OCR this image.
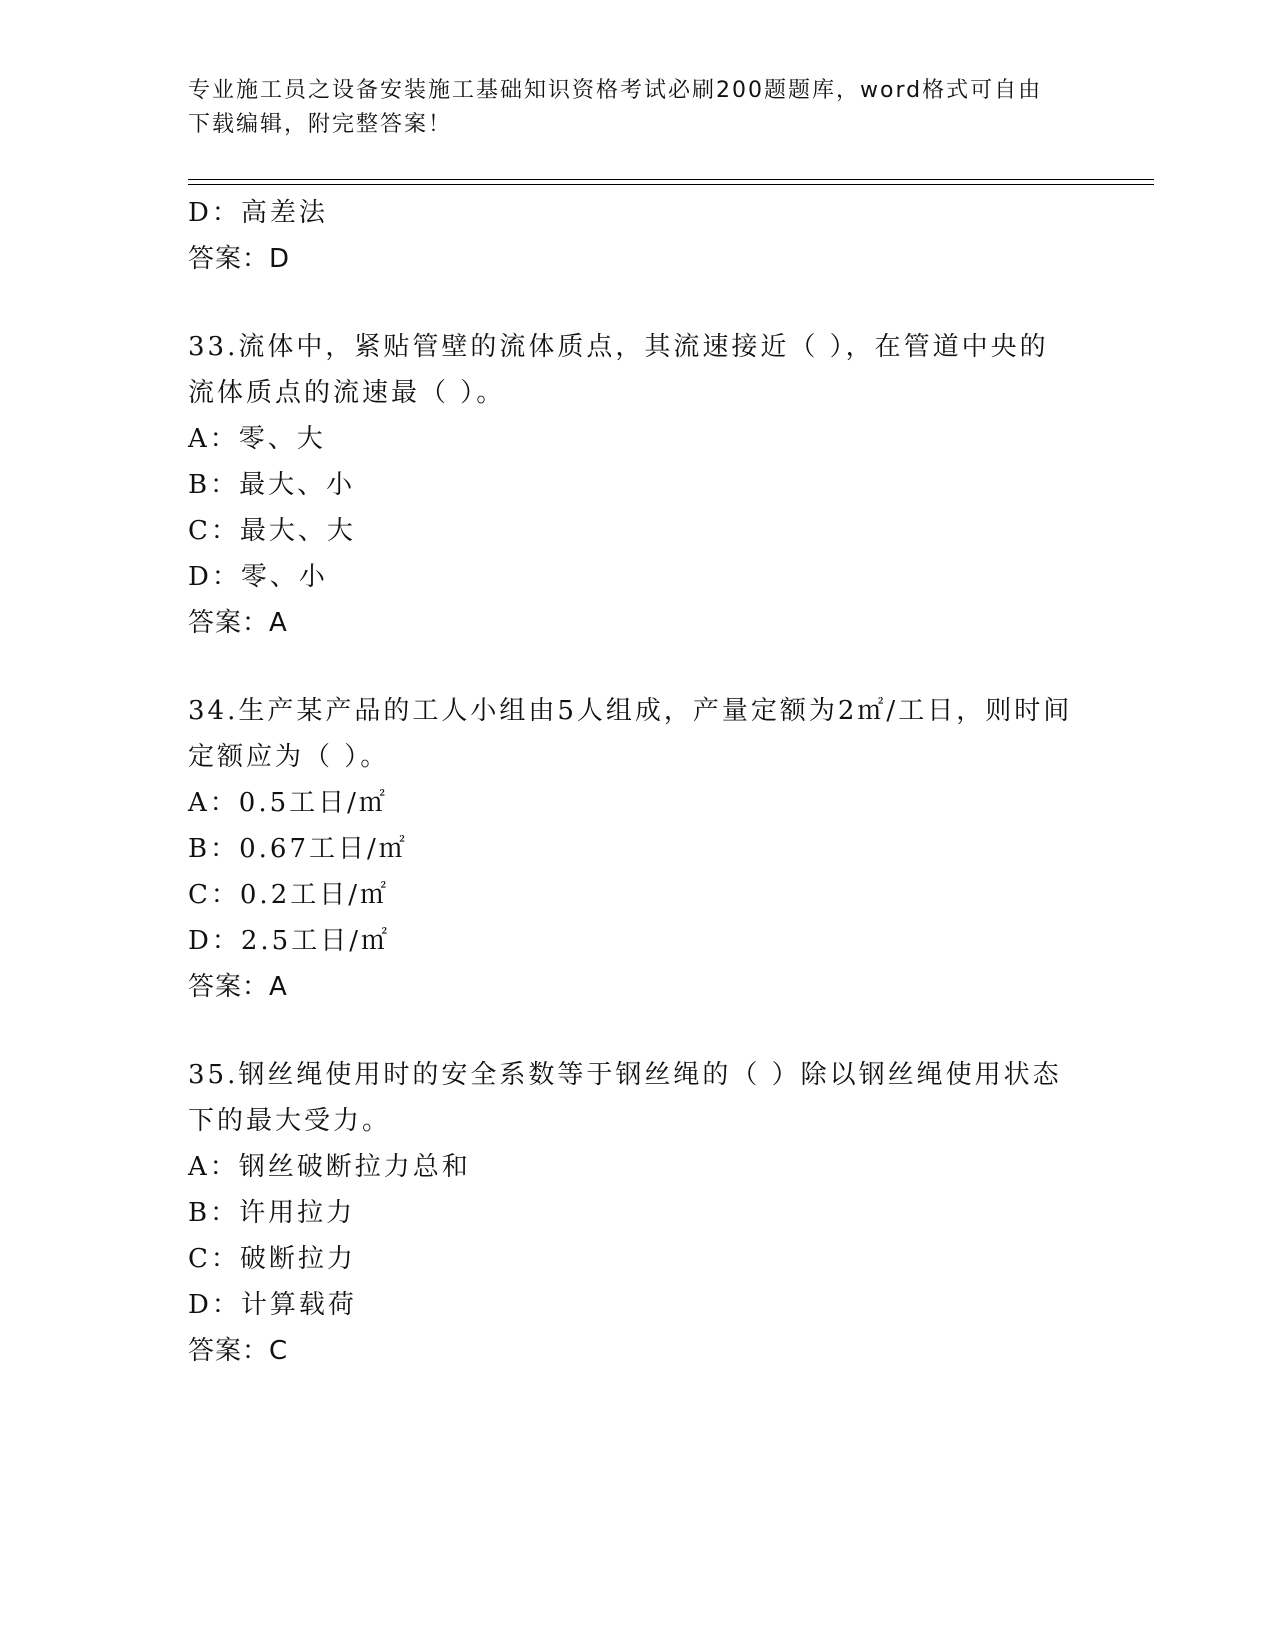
专业施工员之设备安装施工基础知识资格考试必刷200题题库，word格式可自由
下载编辑，附完整答案！
D：高差法
答案：D
33.流体中，紧贴管壁的流体质点，其流速接近（ ），在管道中央的
流体质点的流速最（ ）。
A：零、大
B：最大、小
C：最大、大
D：零、小
答案：A
34.生产某产品的工人小组由5人组成，产量定额为2㎡/工日，则时间
定额应为（ ）。
A：0.5工日/㎡
B：0.67工日/㎡
C：0.2工日/㎡
D：2.5工日/㎡
答案：A
35.钢丝绳使用时的安全系数等于钢丝绳的（ ）除以钢丝绳使用状态
下的最大受力。
A：钢丝破断拉力总和
B：许用拉力
C：破断拉力
D：计算载荷
答案：C
